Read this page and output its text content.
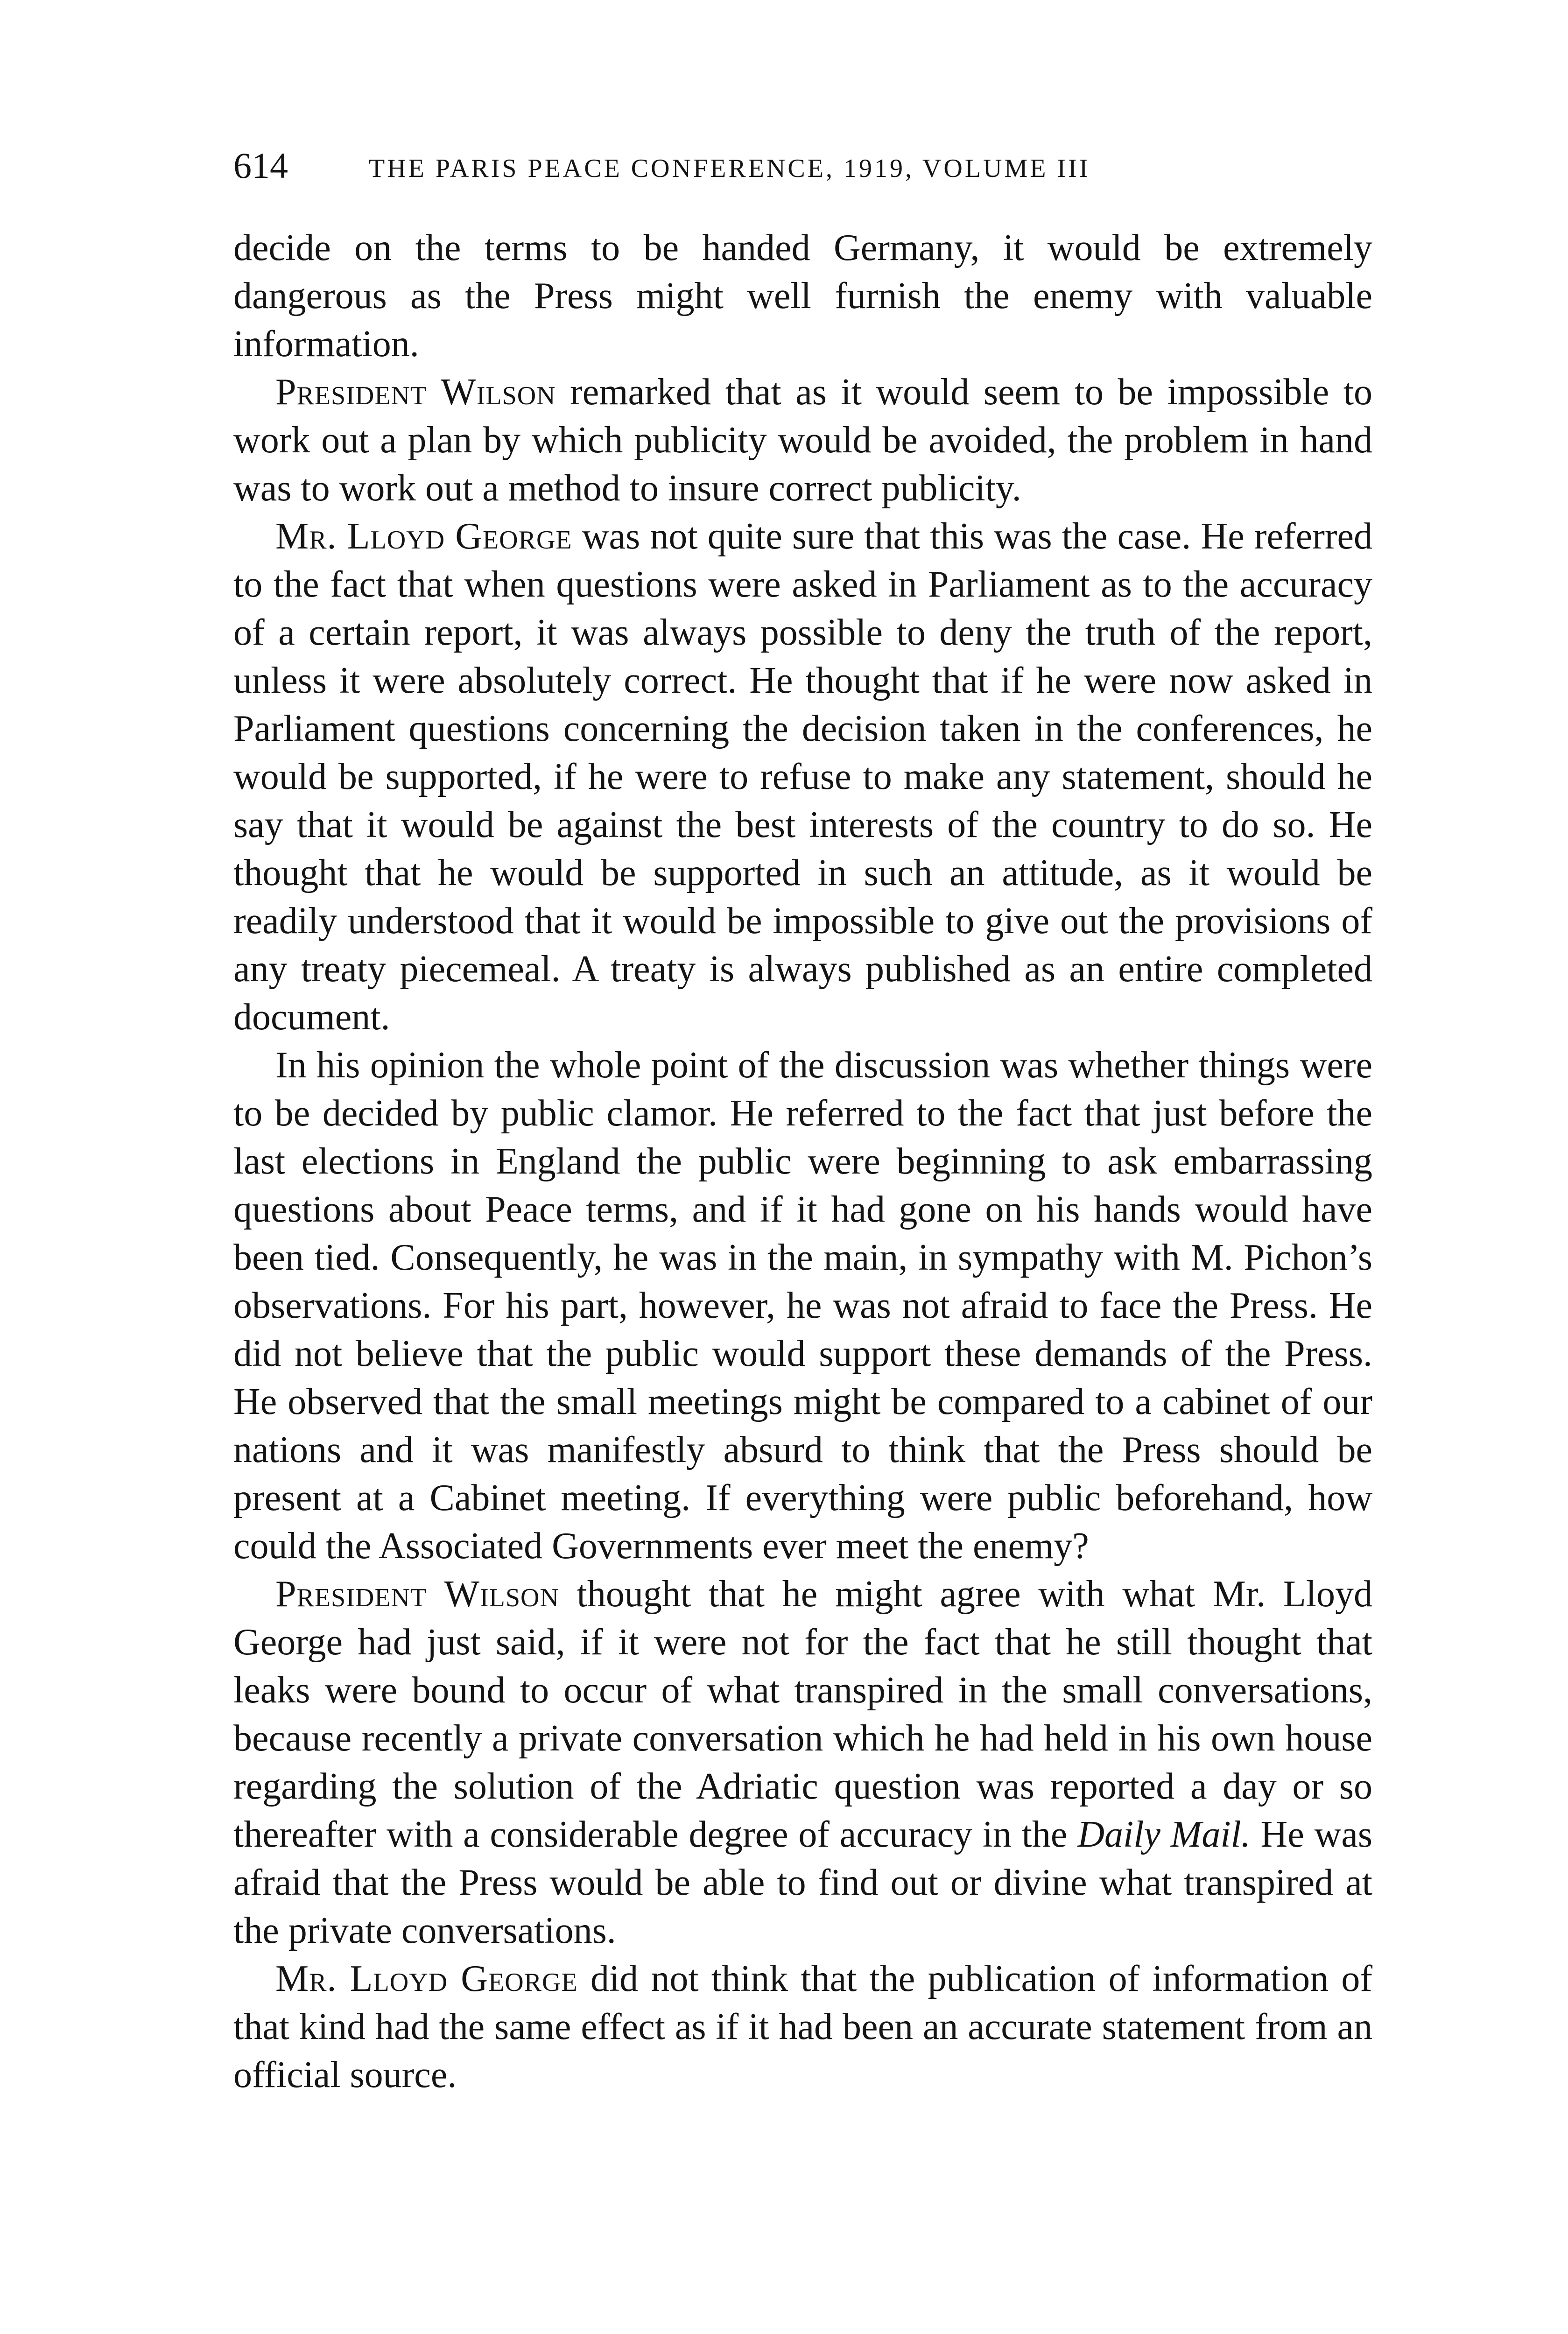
614	THE PARIS PEACE CONFERENCE, 1919, VOLUME III

decide on the terms to be handed Germany, it would be extremely dangerous as the Press might well furnish the enemy with valuable information.

President Wilson remarked that as it would seem to be impossible to work out a plan by which publicity would be avoided, the problem in hand was to work out a method to insure correct publicity.

Mr. Lloyd George was not quite sure that this was the case. He referred to the fact that when questions were asked in Parliament as to the accuracy of a certain report, it was always possible to deny the truth of the report, unless it were absolutely correct. He thought that if he were now asked in Parliament questions concerning the decision taken in the conferences, he would be supported, if he were to refuse to make any statement, should he say that it would be against the best interests of the country to do so. He thought that he would be supported in such an attitude, as it would be readily understood that it would be impossible to give out the provisions of any treaty piecemeal. A treaty is always published as an entire completed document.

In his opinion the whole point of the discussion was whether things were to be decided by public clamor. He referred to the fact that just before the last elections in England the public were beginning to ask embarrassing questions about Peace terms, and if it had gone on his hands would have been tied. Consequently, he was in the main, in sympathy with M. Pichon’s observations. For his part, however, he was not afraid to face the Press. He did not believe that the public would support these demands of the Press. He observed that the small meetings might be compared to a cabinet of our nations and it was manifestly absurd to think that the Press should be present at a Cabinet meeting. If everything were public beforehand, how could the Associated Governments ever meet the enemy?

President Wilson thought that he might agree with what Mr. Lloyd George had just said, if it were not for the fact that he still thought that leaks were bound to occur of what transpired in the small conversations, because recently a private conversation which he had held in his own house regarding the solution of the Adriatic question was reported a day or so thereafter with a considerable degree of accuracy in the Daily Mail. He was afraid that the Press would be able to find out or divine what transpired at the private conversations.

Mr. Lloyd George did not think that the publication of information of that kind had the same effect as if it had been an accurate statement from an official source.
